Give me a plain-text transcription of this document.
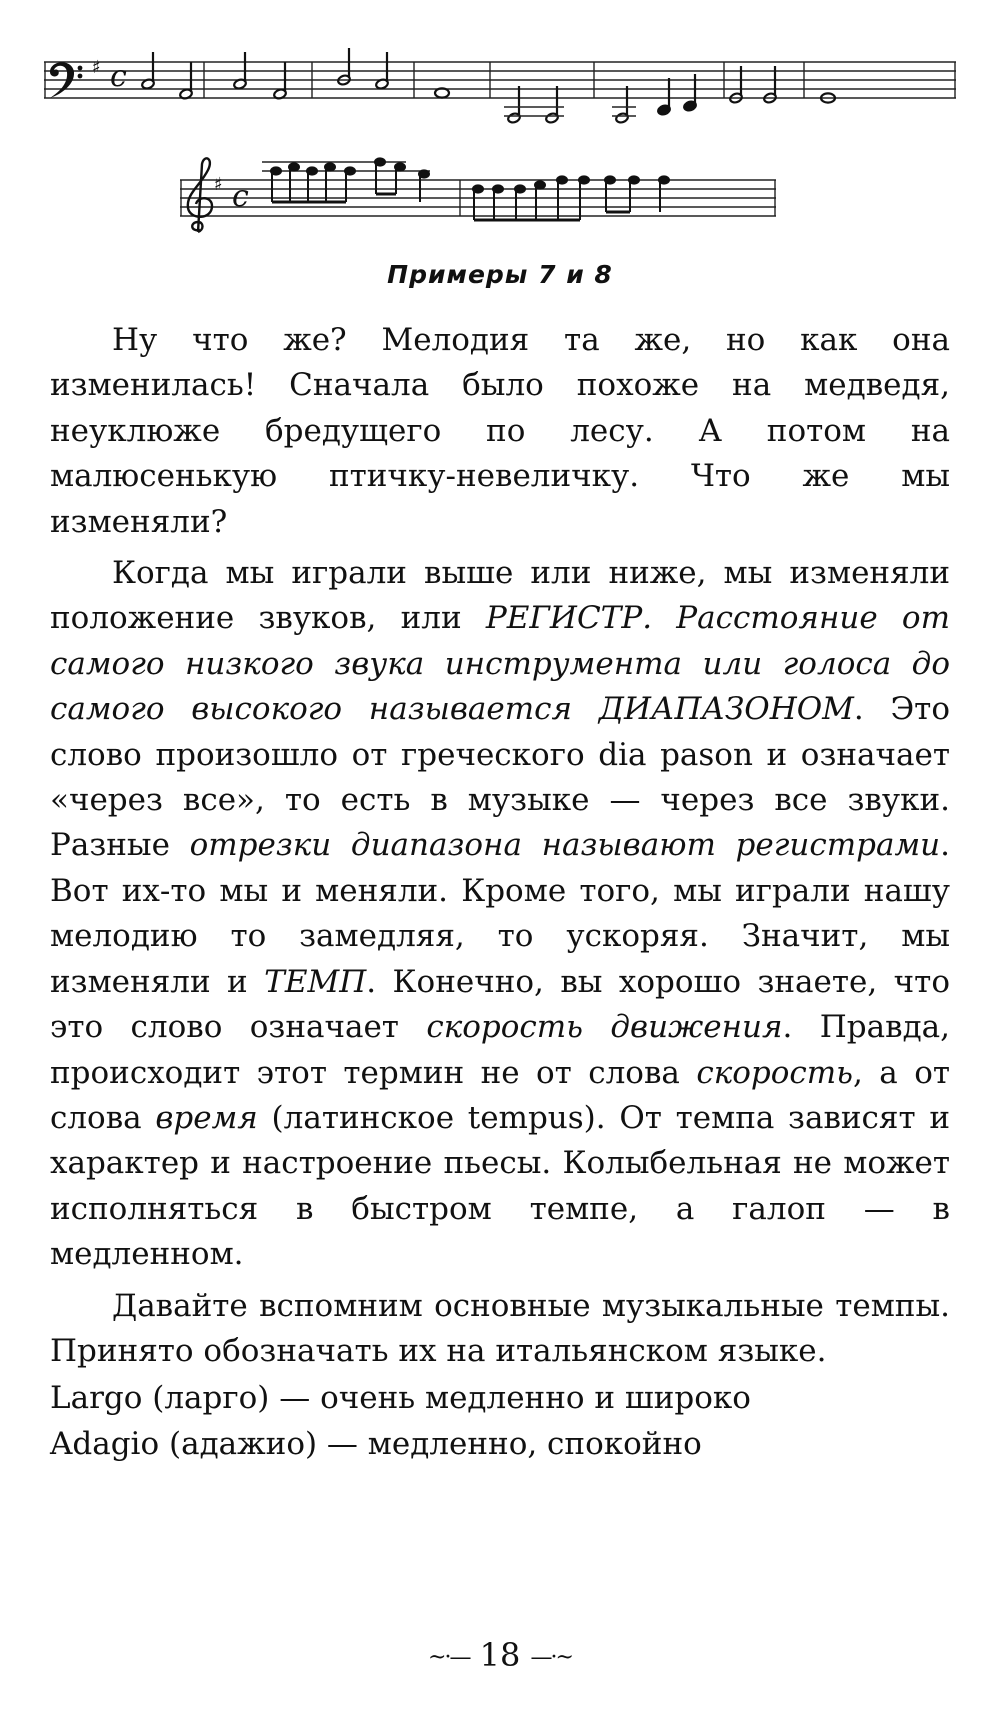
♯ c
♯ c
Примеры 7 и 8

Ну что же? Мелодия та же, но как она изменилась! Сначала было похоже на медведя, неуклюже бредущего по лесу. А потом на малюсенькую птичку-невеличку. Что же мы изменяли?

Когда мы играли выше или ниже, мы изменяли положение звуков, или РЕГИСТР. Расстояние от самого низкого звука инструмента или голоса до самого высокого называется ДИАПАЗОНОМ. Это слово произошло от греческого dia pason и означает «через все», то есть в музыке — через все звуки. Разные отрезки диапазона называют регистрами. Вот их-то мы и меняли. Кроме того, мы играли нашу мелодию то замедляя, то ускоряя. Значит, мы изменяли и ТЕМП. Конечно, вы хорошо знаете, что это слово означает скорость движения. Правда, происходит этот термин не от слова скорость, а от слова время (латинское tempus). От темпа зависят и характер и настроение пьесы. Колыбельная не может исполняться в быстром темпе, а галоп — в медленном.

Давайте вспомним основные музыкальные темпы. Принято обозначать их на итальянском языке.

Largo (ларго) — очень медленно и широко

Adagio (адажио) — медленно, спокойно

~·— 18 —·~
